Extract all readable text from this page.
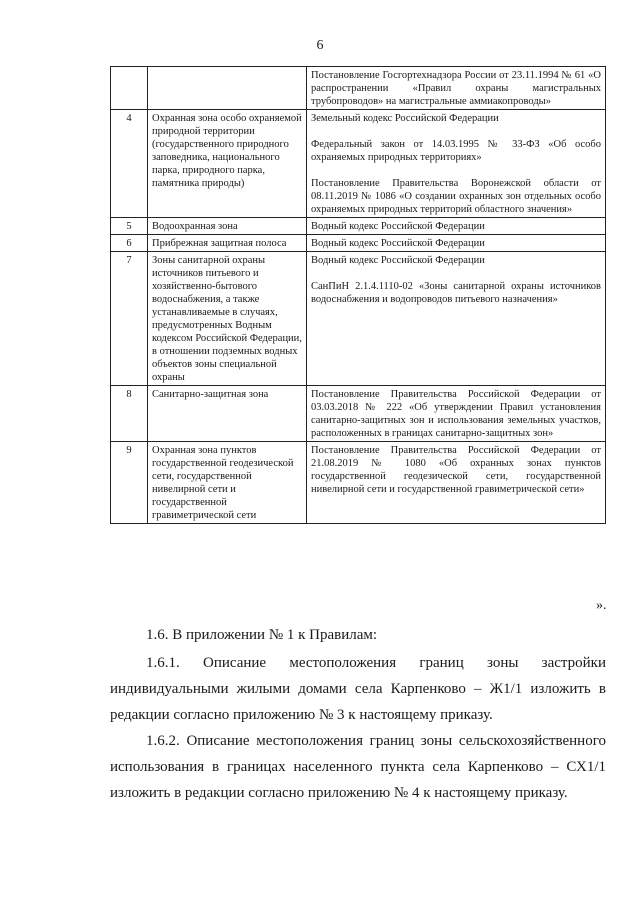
6

		Постановление Госгортехнадзора России от 23.11.1994 № 61 «О распространении «Правил охраны магистральных трубопроводов» на магистральные аммиакопроводы»

4	Охранная зона особо охраняемой природной территории (государственного природного заповедника, национального парка, природного парка, памятника природы)	Земельный кодекс Российской Федерации
Федеральный закон от 14.03.1995 № 33-ФЗ «Об особо охраняемых природных территориях»
Постановление Правительства Воронежской области от 08.11.2019 № 1086 «О создании охранных зон отдельных особо охраняемых природных территорий областного значения»

5	Водоохранная зона	Водный кодекс Российской Федерации

6	Прибрежная защитная полоса	Водный кодекс Российской Федерации

7	Зоны санитарной охраны источников питьевого и хозяйственно-бытового водоснабжения, а также устанавливаемые в случаях, предусмотренных Водным кодексом Российской Федерации, в отношении подземных водных объектов зоны специальной охраны	Водный кодекс Российской Федерации
СанПиН 2.1.4.1110-02 «Зоны санитарной охраны источников водоснабжения и водопроводов питьевого назначения»

8	Санитарно-защитная зона	Постановление Правительства Российской Федерации от 03.03.2018 № 222 «Об утверждении Правил установления санитарно-защитных зон и использования земельных участков, расположенных в границах санитарно-защитных зон»

9	Охранная зона пунктов государственной геодезической сети, государственной нивелирной сети и государственной гравиметрической сети	Постановление Правительства Российской Федерации от 21.08.2019 № 1080 «Об охранных зонах пунктов государственной геодезической сети, государственной нивелирной сети и государственной гравиметрической сети»
».
1.6. В приложении № 1 к Правилам:
1.6.1. Описание местоположения границ зоны застройки индивидуальными жилыми домами села Карпенково – Ж1/1 изложить в редакции согласно приложению № 3 к настоящему приказу.
1.6.2. Описание местоположения границ зоны сельскохозяйственного использования в границах населенного пункта села Карпенково – СХ1/1 изложить в редакции согласно приложению № 4 к настоящему приказу.
